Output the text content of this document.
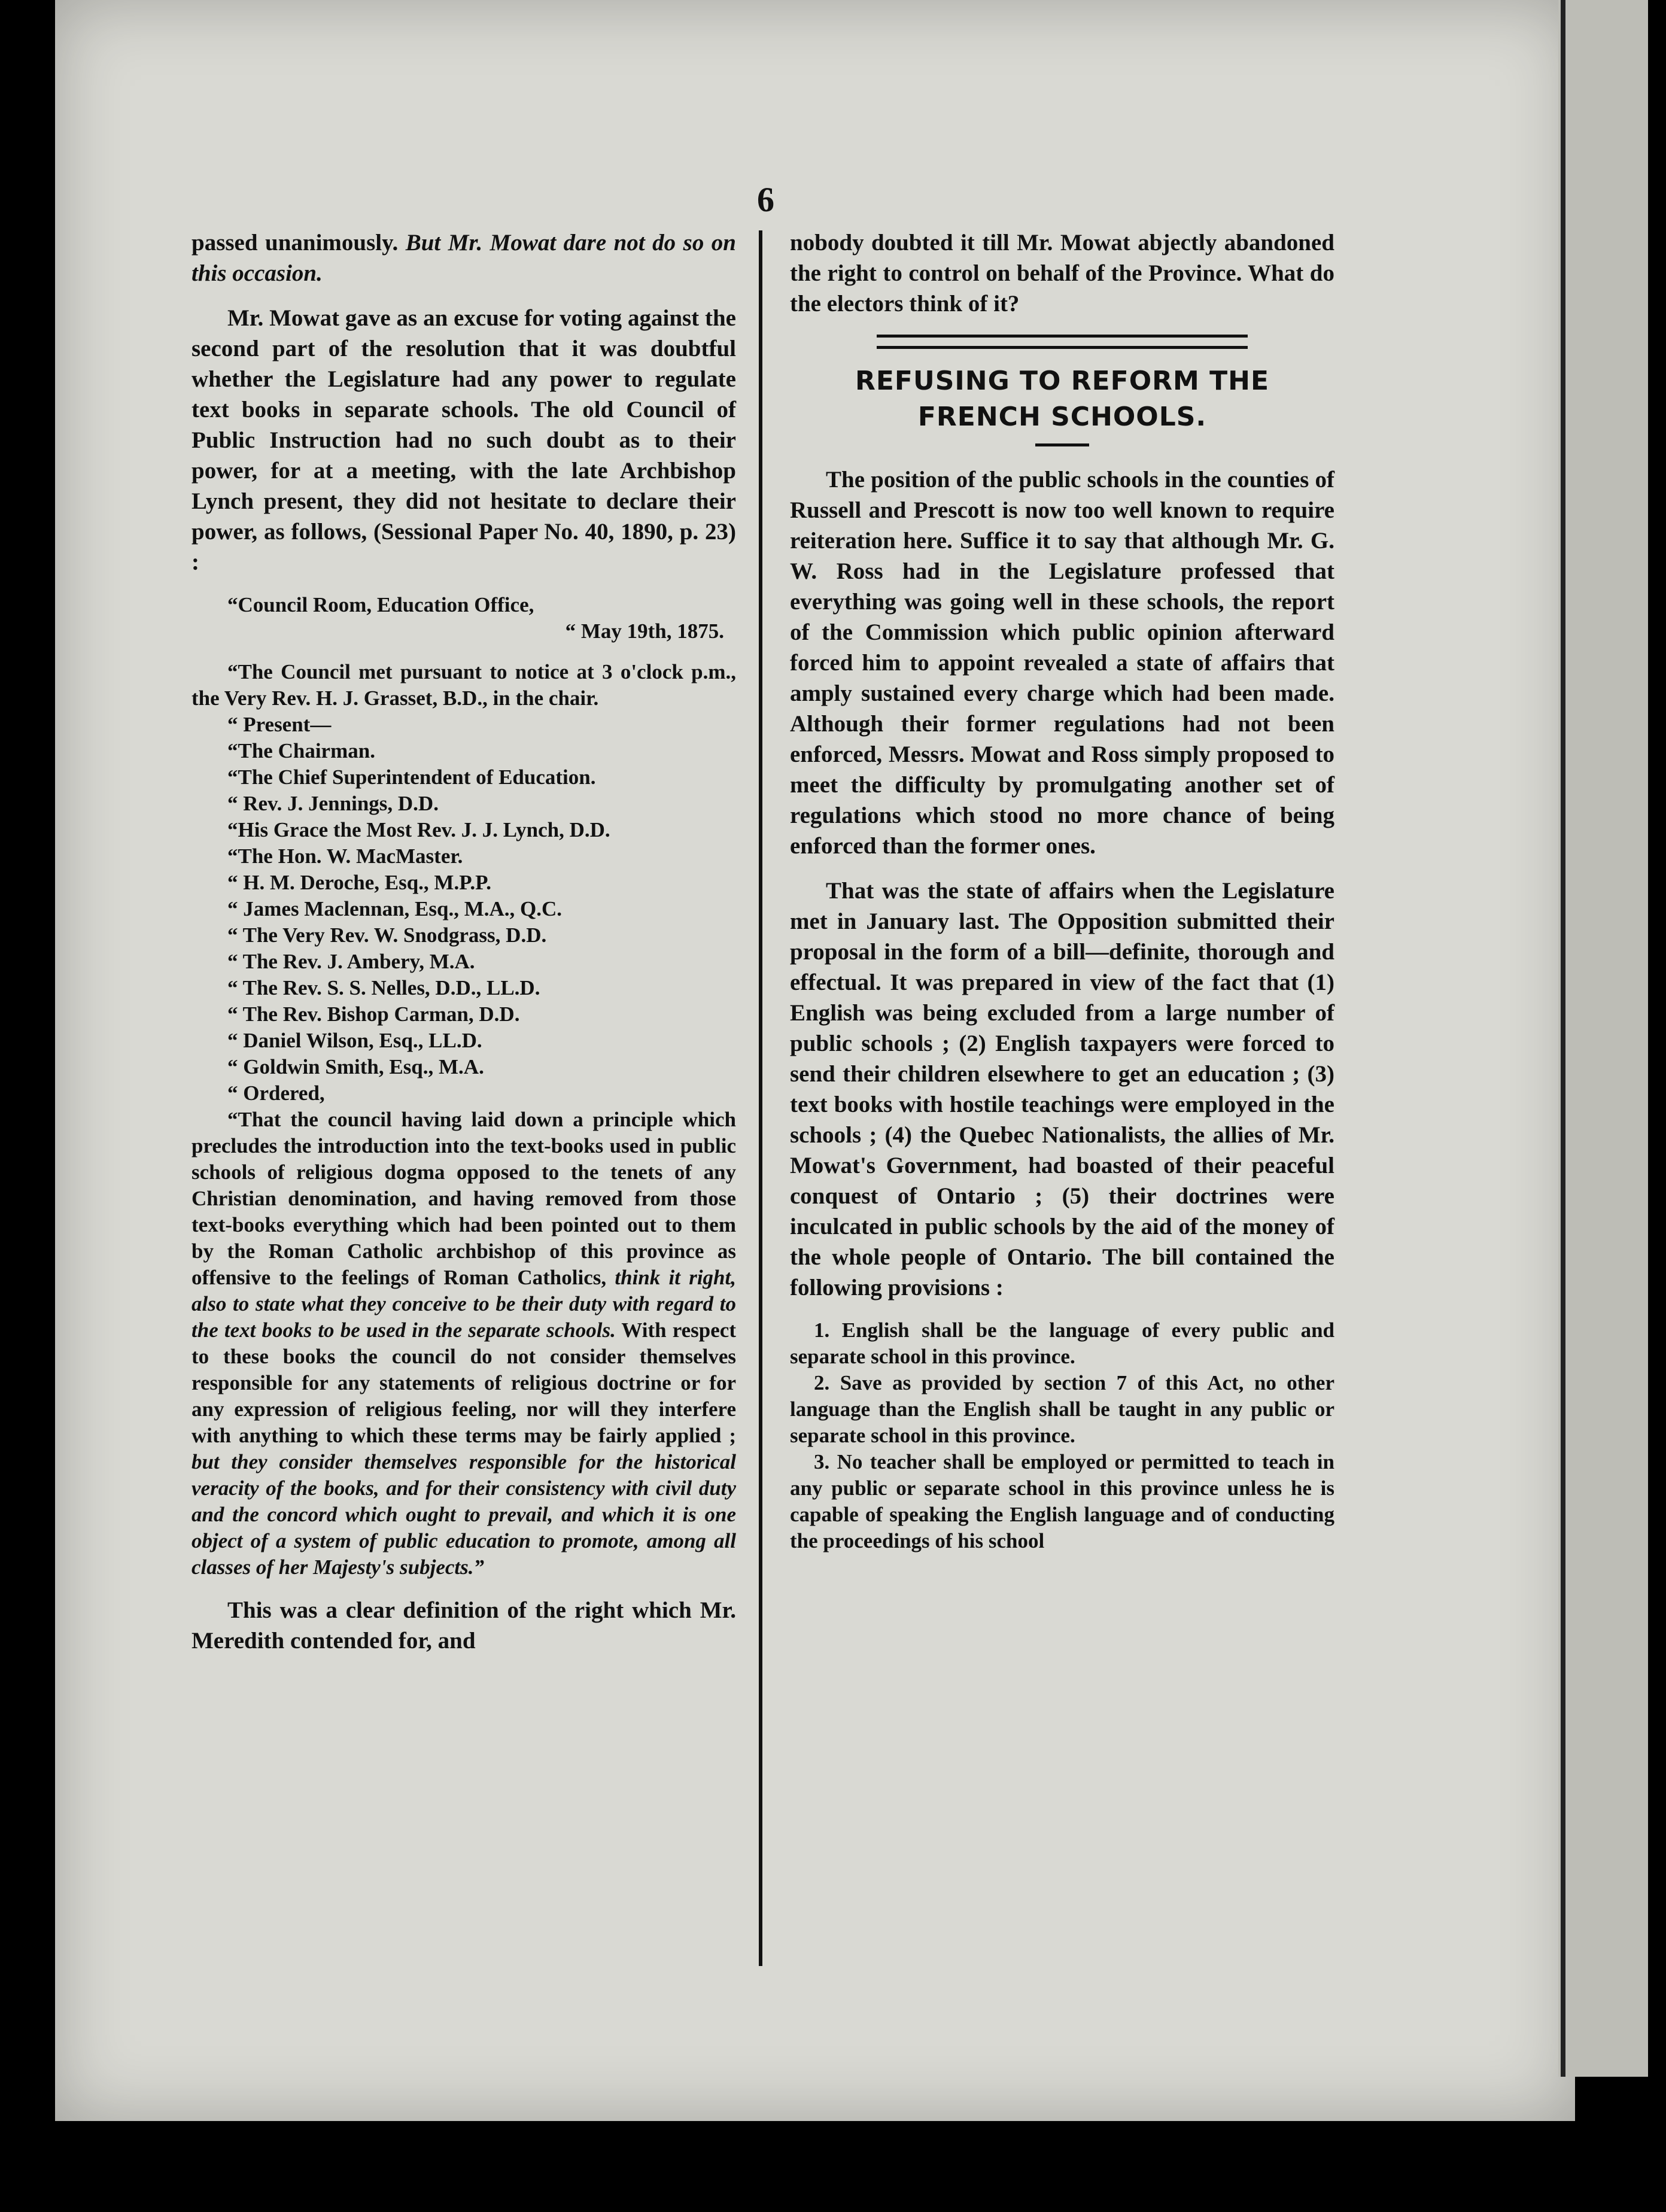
6

passed unanimously. But Mr. Mowat dare not do so on this occasion.

Mr. Mowat gave as an excuse for voting against the second part of the resolution that it was doubtful whether the Legislature had any power to regulate text books in separate schools. The old Council of Public Instruction had no such doubt as to their power, for at a meeting, with the late Archbishop Lynch present, they did not hesitate to declare their power, as follows, (Sessional Paper No. 40, 1890, p. 23) :

“Council Room, Education Office,

“ May 19th, 1875.

“The Council met pursuant to notice at 3 o'clock p.m., the Very Rev. H. J. Grasset, B.D., in the chair.

“ Present—

“The Chairman.

“The Chief Superintendent of Education.

“ Rev. J. Jennings, D.D.

“His Grace the Most Rev. J. J. Lynch, D.D.

“The Hon. W. MacMaster.

“ H. M. Deroche, Esq., M.P.P.

“ James Maclennan, Esq., M.A., Q.C.

“ The Very Rev. W. Snodgrass, D.D.

“ The Rev. J. Ambery, M.A.

“ The Rev. S. S. Nelles, D.D., LL.D.

“ The Rev. Bishop Carman, D.D.

“ Daniel Wilson, Esq., LL.D.

“ Goldwin Smith, Esq., M.A.

“ Ordered,

“That the council having laid down a principle which precludes the introduction into the text-books used in public schools of religious dogma opposed to the tenets of any Christian denomination, and having removed from those text-books everything which had been pointed out to them by the Roman Catholic archbishop of this province as offensive to the feelings of Roman Catholics, think it right, also to state what they conceive to be their duty with regard to the text books to be used in the separate schools. With respect to these books the council do not consider themselves responsible for any statements of religious doctrine or for any expression of religious feeling, nor will they interfere with anything to which these terms may be fairly applied ; but they consider themselves responsible for the historical veracity of the books, and for their consistency with civil duty and the concord which ought to prevail, and which it is one object of a system of public education to promote, among all classes of her Majesty's subjects.”

This was a clear definition of the right which Mr. Meredith contended for, and

nobody doubted it till Mr. Mowat abjectly abandoned the right to control on behalf of the Province. What do the electors think of it?

REFUSING TO REFORM THE FRENCH SCHOOLS.

The position of the public schools in the counties of Russell and Prescott is now too well known to require reiteration here. Suffice it to say that although Mr. G. W. Ross had in the Legislature professed that everything was going well in these schools, the report of the Commission which public opinion afterward forced him to appoint revealed a state of affairs that amply sustained every charge which had been made. Although their former regulations had not been enforced, Messrs. Mowat and Ross simply proposed to meet the difficulty by promulgating another set of regulations which stood no more chance of being enforced than the former ones.

That was the state of affairs when the Legislature met in January last. The Opposition submitted their proposal in the form of a bill—definite, thorough and effectual. It was prepared in view of the fact that (1) English was being excluded from a large number of public schools ; (2) English taxpayers were forced to send their children elsewhere to get an education ; (3) text books with hostile teachings were employed in the schools ; (4) the Quebec Nationalists, the allies of Mr. Mowat's Government, had boasted of their peaceful conquest of Ontario ; (5) their doctrines were inculcated in public schools by the aid of the money of the whole people of Ontario. The bill contained the following provisions :

1. English shall be the language of every public and separate school in this province.

2. Save as provided by section 7 of this Act, no other language than the English shall be taught in any public or separate school in this province.

3. No teacher shall be employed or permitted to teach in any public or separate school in this province unless he is capable of speaking the English language and of conducting the proceedings of his school
